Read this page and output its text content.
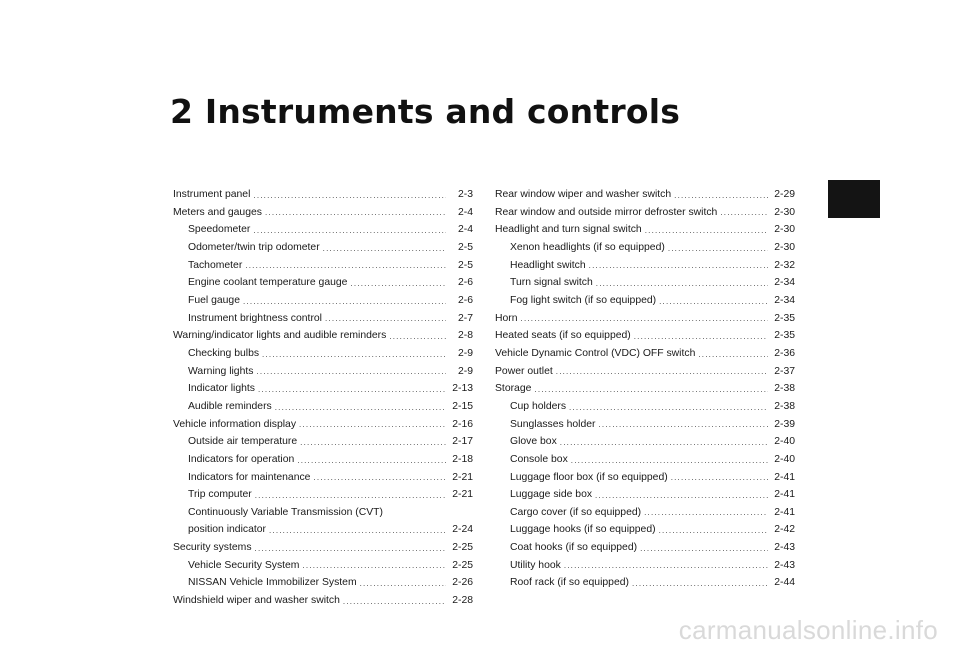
2 Instruments and controls
Instrument panel .....	2-3
Meters and gauges .....	2-4
Speedometer .....	2-4
Odometer/twin trip odometer .....	2-5
Tachometer .....	2-5
Engine coolant temperature gauge .....	2-6
Fuel gauge .....	2-6
Instrument brightness control .....	2-7
Warning/indicator lights and audible reminders .....	2-8
Checking bulbs .....	2-9
Warning lights .....	2-9
Indicator lights .....	2-13
Audible reminders .....	2-15
Vehicle information display .....	2-16
Outside air temperature .....	2-17
Indicators for operation .....	2-18
Indicators for maintenance .....	2-21
Trip computer .....	2-21
Continuously Variable Transmission (CVT)
position indicator .....	2-24
Security systems .....	2-25
Vehicle Security System .....	2-25
NISSAN Vehicle Immobilizer System .....	2-26
Windshield wiper and washer switch .....	2-28
Rear window wiper and washer switch .....	2-29
Rear window and outside mirror defroster switch .....	2-30
Headlight and turn signal switch .....	2-30
Xenon headlights (if so equipped) .....	2-30
Headlight switch .....	2-32
Turn signal switch .....	2-34
Fog light switch (if so equipped) .....	2-34
Horn .....	2-35
Heated seats (if so equipped) .....	2-35
Vehicle Dynamic Control (VDC) OFF switch .....	2-36
Power outlet .....	2-37
Storage .....	2-38
Cup holders .....	2-38
Sunglasses holder .....	2-39
Glove box .....	2-40
Console box .....	2-40
Luggage floor box (if so equipped) .....	2-41
Luggage side box .....	2-41
Cargo cover (if so equipped) .....	2-41
Luggage hooks (if so equipped) .....	2-42
Coat hooks (if so equipped) .....	2-43
Utility hook .....	2-43
Roof rack (if so equipped) .....	2-44
carmanualsonline.info
